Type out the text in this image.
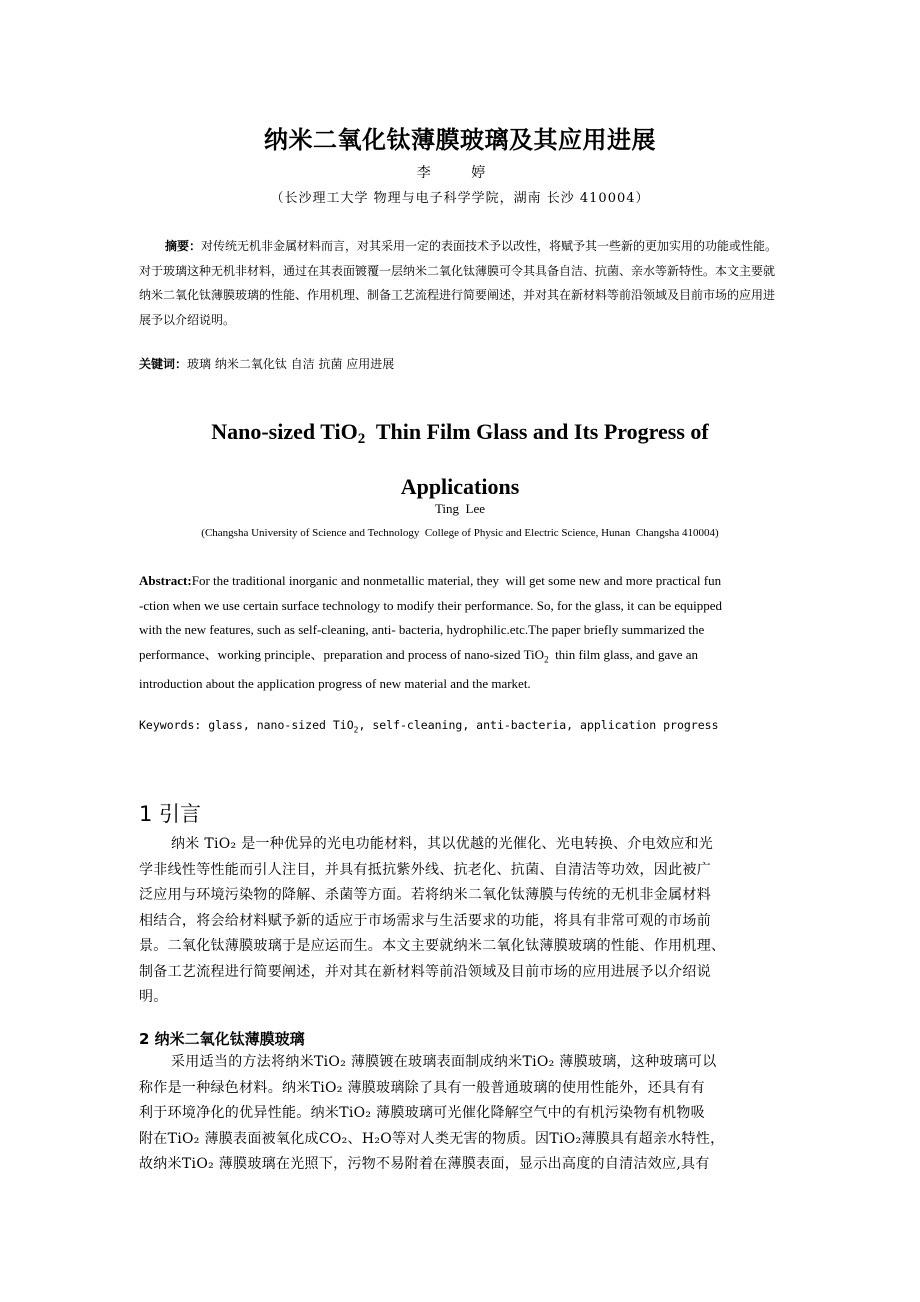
纳米二氧化钛薄膜玻璃及其应用进展
李 婷
（长沙理工大学 物理与电子科学学院，湖南 长沙 410004）
摘要：对传统无机非金属材料而言，对其采用一定的表面技术予以改性，将赋予其一些新的更加实用的功能或性能。对于玻璃这种无机非材料，通过在其表面镀覆一层纳米二氧化钛薄膜可令其具备自洁、抗菌、亲水等新特性。本文主要就纳米二氧化钛薄膜玻璃的性能、作用机理、制备工艺流程进行简要阐述，并对其在新材料等前沿领域及目前市场的应用进展予以介绍说明。
关键词：玻璃 纳米二氧化钛 自洁 抗菌 应用进展
Nano-sized TiO$_2$  Thin Film Glass and Its Progress of
Applications
Ting  Lee
(Changsha University of Science and Technology  College of Physic and Electric Science, Hunan  Changsha 410004)
Abstract:For the traditional inorganic and nonmetallic material, they  will get some new and more practical fun
-ction when we use certain surface technology to modify their performance. So, for the glass, it can be equipped
with the new features, such as self-cleaning, anti- bacteria, hydrophilic.etc.The paper briefly summarized the
performance、working principle、preparation and process of nano-sized TiO$_2$  thin film glass, and gave an
introduction about the application progress of new material and the market.
Keywords: glass, nano-sized TiO$_2$, self-cleaning, anti-bacteria, application progress
1 引言
纳米 TiO₂ 是一种优异的光电功能材料，其以优越的光催化、光电转换、介电效应和光
学非线性等性能而引人注目，并具有抵抗紫外线、抗老化、抗菌、自清洁等功效，因此被广
泛应用与环境污染物的降解、杀菌等方面。若将纳米二氧化钛薄膜与传统的无机非金属材料
相结合，将会给材料赋予新的适应于市场需求与生活要求的功能，将具有非常可观的市场前
景。二氧化钛薄膜玻璃于是应运而生。本文主要就纳米二氧化钛薄膜玻璃的性能、作用机理、
制备工艺流程进行简要阐述，并对其在新材料等前沿领域及目前市场的应用进展予以介绍说
明。
2 纳米二氧化钛薄膜玻璃
采用适当的方法将纳米TiO₂ 薄膜镀在玻璃表面制成纳米TiO₂ 薄膜玻璃，这种玻璃可以
称作是一种绿色材料。纳米TiO₂ 薄膜玻璃除了具有一般普通玻璃的使用性能外，还具有有
利于环境净化的优异性能。纳米TiO₂ 薄膜玻璃可光催化降解空气中的有机污染物有机物吸
附在TiO₂ 薄膜表面被氧化成CO₂、H₂O等对人类无害的物质。因TiO₂薄膜具有超亲水特性，
故纳米TiO₂ 薄膜玻璃在光照下，污物不易附着在薄膜表面，显示出高度的自清洁效应,具有
